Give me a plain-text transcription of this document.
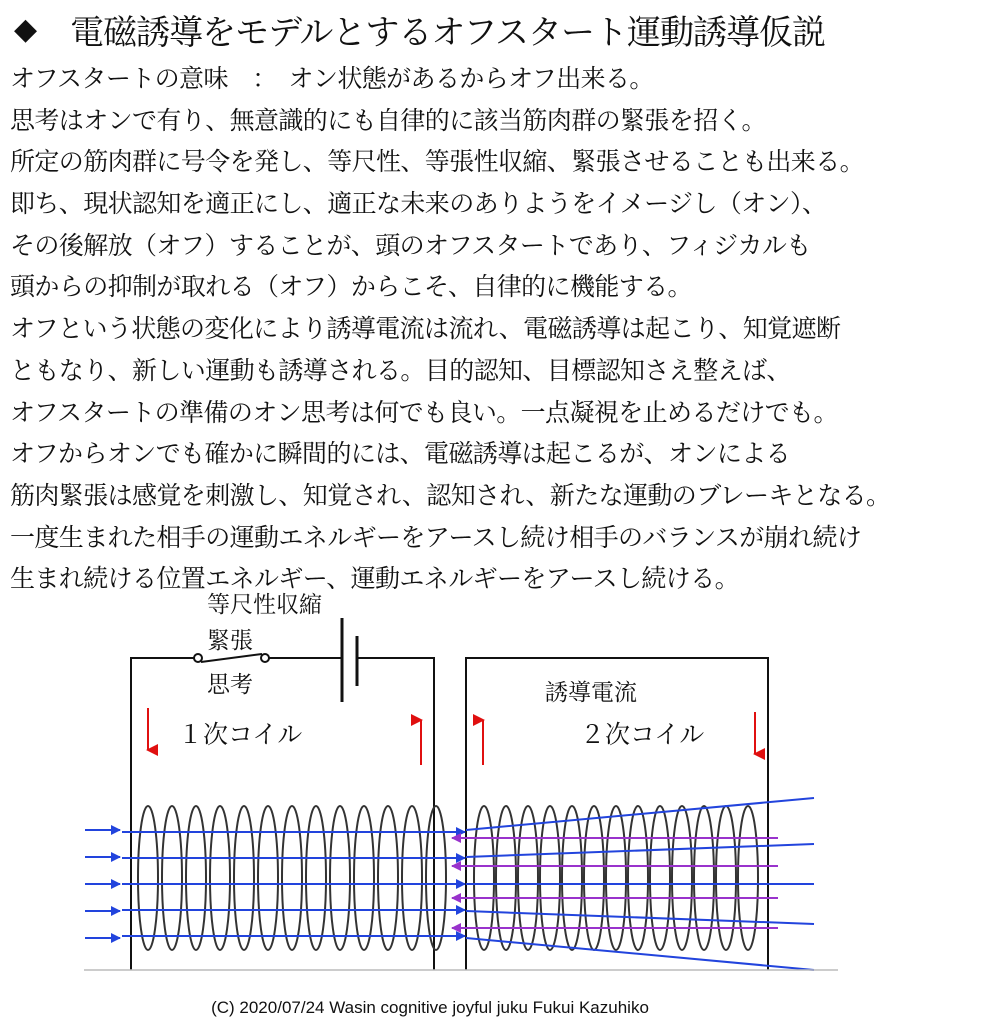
◆ 電磁誘導をモデルとするオフスタート運動誘導仮説
オフスタートの意味　：　オン状態があるからオフ出来る。
思考はオンで有り、無意識的にも自律的に該当筋肉群の緊張を招く。
所定の筋肉群に号令を発し、等尺性、等張性収縮、緊張させることも出来る。
即ち、現状認知を適正にし、適正な未来のありようをイメージし（オン）、
その後解放（オフ）することが、頭のオフスタートであり、フィジカルも
頭からの抑制が取れる（オフ）からこそ、自律的に機能する。
オフという状態の変化により誘導電流は流れ、電磁誘導は起こり、知覚遮断
ともなり、新しい運動も誘導される。目的認知、目標認知さえ整えば、
オフスタートの準備のオン思考は何でも良い。一点凝視を止めるだけでも。
オフからオンでも確かに瞬間的には、電磁誘導は起こるが、オンによる
筋肉緊張は感覚を刺激し、知覚され、認知され、新たな運動のブレーキとなる。
一度生まれた相手の運動エネルギーをアースし続け相手のバランスが崩れ続け
生まれ続ける位置エネルギー、運動エネルギーをアースし続ける。
等尺性収縮
緊張
思考
１次コイル
誘導電流
２次コイル
(C) 2020/07/24 Wasin cognitive joyful juku Fukui Kazuhiko
